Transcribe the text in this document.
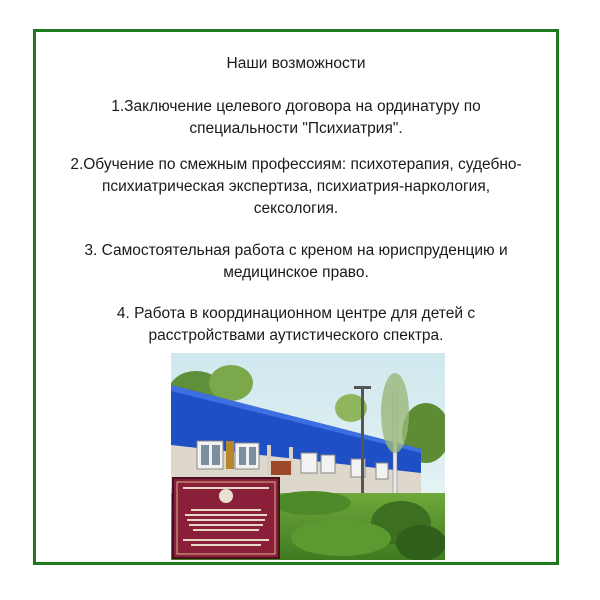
Наши возможности

1.Заключение целевого договора на ординатуру по специальности "Психиатрия".

2.Обучение по смежным профессиям: психотерапия, судебно-психиатрическая экспертиза, психиатрия-наркология, сексология.

3. Самостоятельная работа с креном на юриспруденцию и медицинское право.

4. Работа в координационном центре для детей с расстройствами аутистического спектра.
